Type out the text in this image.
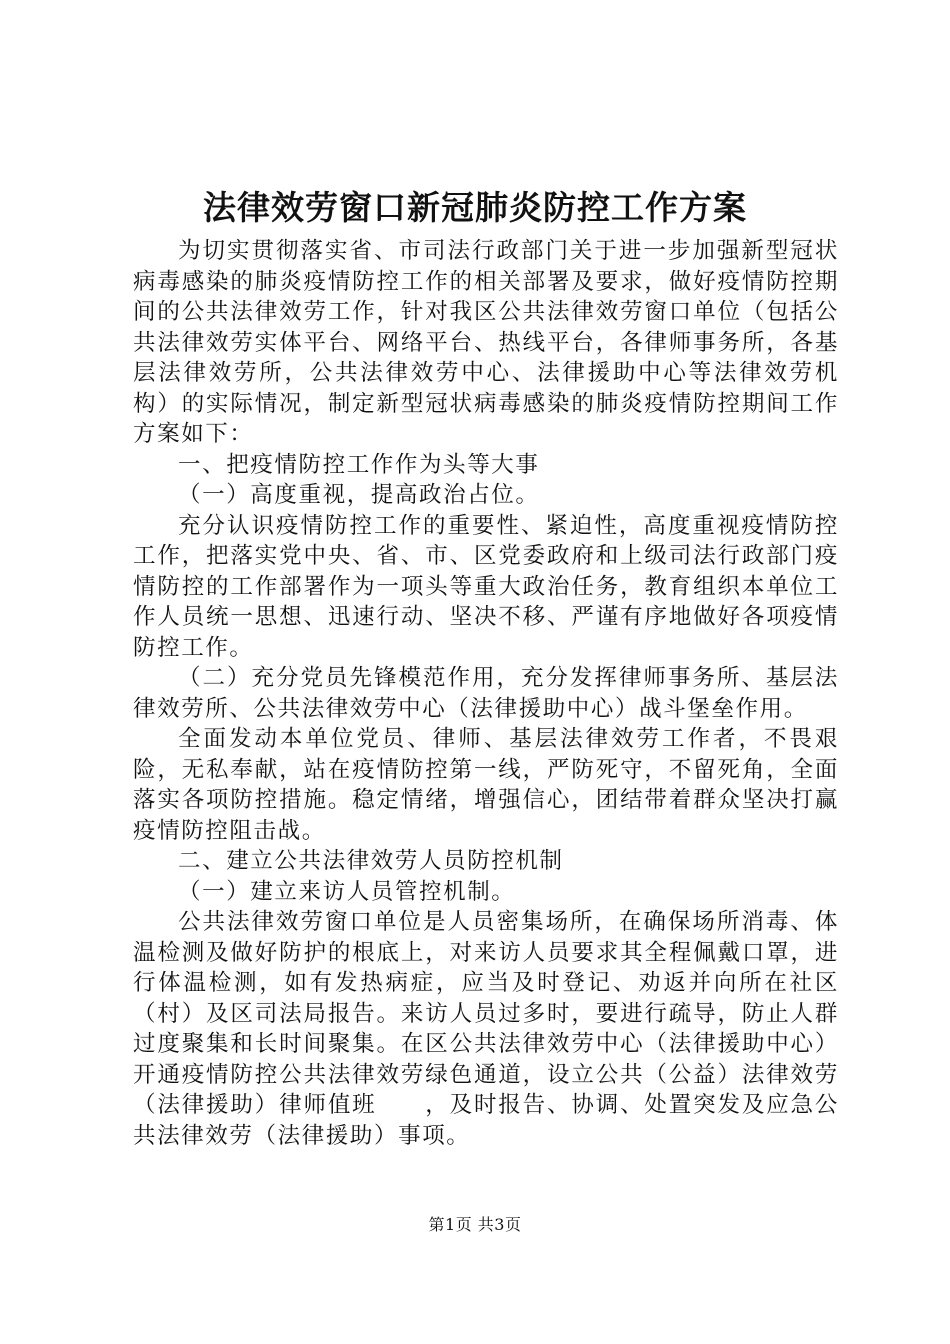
法律效劳窗口新冠肺炎防控工作方案

为切实贯彻落实省、市司法行政部门关于进一步加强新型冠状病毒感染的肺炎疫情防控工作的相关部署及要求，做好疫情防控期间的公共法律效劳工作，针对我区公共法律效劳窗口单位（包括公共法律效劳实体平台、网络平台、热线平台，各律师事务所，各基层法律效劳所，公共法律效劳中心、法律援助中心等法律效劳机构）的实际情况，制定新型冠状病毒感染的肺炎疫情防控期间工作方案如下：

一、把疫情防控工作作为头等大事

（一）高度重视，提高政治占位。

充分认识疫情防控工作的重要性、紧迫性，高度重视疫情防控工作，把落实党中央、省、市、区党委政府和上级司法行政部门疫情防控的工作部署作为一项头等重大政治任务，教育组织本单位工作人员统一思想、迅速行动、坚决不移、严谨有序地做好各项疫情防控工作。

（二）充分党员先锋模范作用，充分发挥律师事务所、基层法律效劳所、公共法律效劳中心（法律援助中心）战斗堡垒作用。

全面发动本单位党员、律师、基层法律效劳工作者，不畏艰险，无私奉献，站在疫情防控第一线，严防死守，不留死角，全面落实各项防控措施。稳定情绪，增强信心，团结带着群众坚决打赢疫情防控阻击战。

二、建立公共法律效劳人员防控机制

（一）建立来访人员管控机制。

公共法律效劳窗口单位是人员密集场所，在确保场所消毒、体温检测及做好防护的根底上，对来访人员要求其全程佩戴口罩，进行体温检测，如有发热病症，应当及时登记、劝返并向所在社区（村）及区司法局报告。来访人员过多时，要进行疏导，防止人群过度聚集和长时间聚集。在区公共法律效劳中心（法律援助中心）开通疫情防控公共法律效劳绿色通道，设立公共（公益）法律效劳（法律援助）律师值班　　，及时报告、协调、处置突发及应急公共法律效劳（法律援助）事项。

第1页 共3页
